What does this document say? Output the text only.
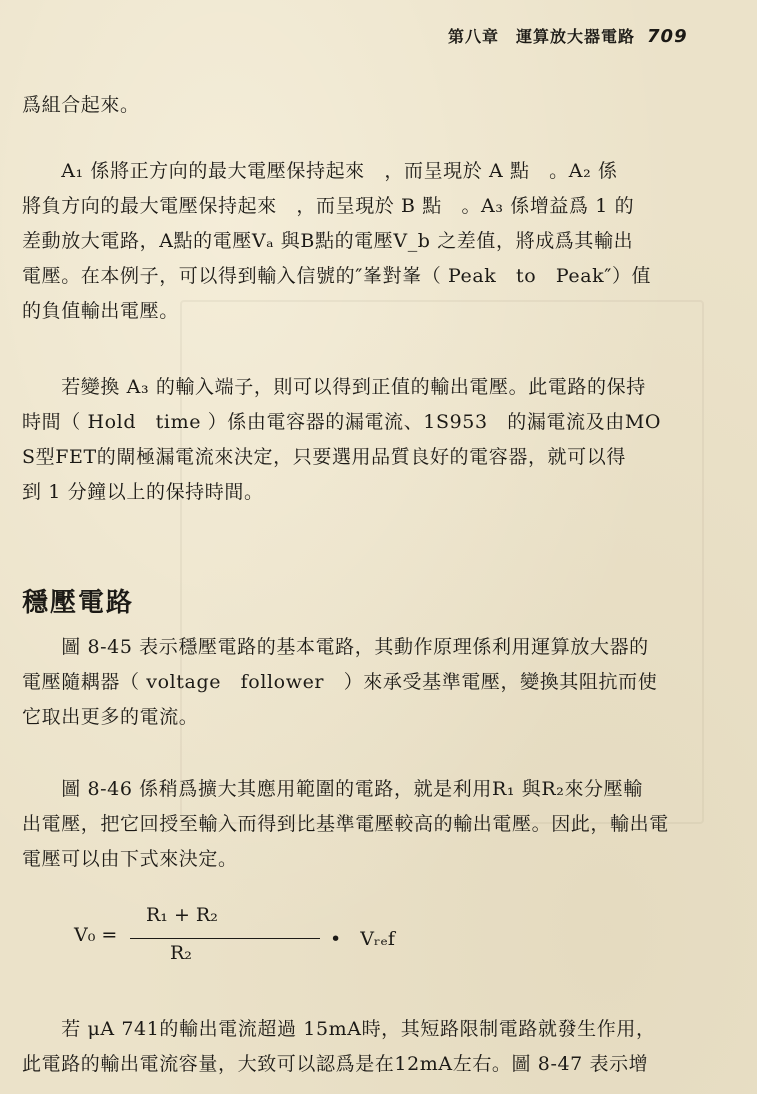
第八章　運算放大器電路 709

爲組合起來。

　　A₁ 係將正方向的最大電壓保持起來　，而呈現於 A 點　。A₂ 係
將負方向的最大電壓保持起來　，而呈現於 B 點　。A₃ 係增益爲 1 的
差動放大電路，A點的電壓Vₐ 與B點的電壓V_b 之差值，將成爲其輸出
電壓。在本例子，可以得到輸入信號的″峯對峯（ Peak　to　Peak″）值
的負值輸出電壓。

　　若變換 A₃ 的輸入端子，則可以得到正值的輸出電壓。此電路的保持
時間（ Hold　time ）係由電容器的漏電流、1S953　的漏電流及由MO
S型FET的閘極漏電流來決定，只要選用品質良好的電容器，就可以得
到 1 分鐘以上的保持時間。

穩壓電路

　　圖 8-45 表示穩壓電路的基本電路，其動作原理係利用運算放大器的
電壓隨耦器（ voltage　follower　）來承受基準電壓，變換其阻抗而使
它取出更多的電流。

　　圖 8-46 係稍爲擴大其應用範圍的電路，就是利用R₁ 與R₂來分壓輸
出電壓，把它回授至輸入而得到比基準電壓較高的輸出電壓。因此，輸出電
電壓可以由下式來決定。

V₀ =
R₁ + R₂
R₂
•　Vᵣₑf

　　若 μA 741的輸出電流超過 15mA時，其短路限制電路就發生作用，
此電路的輸出電流容量，大致可以認爲是在12mA左右。圖 8-47 表示增
